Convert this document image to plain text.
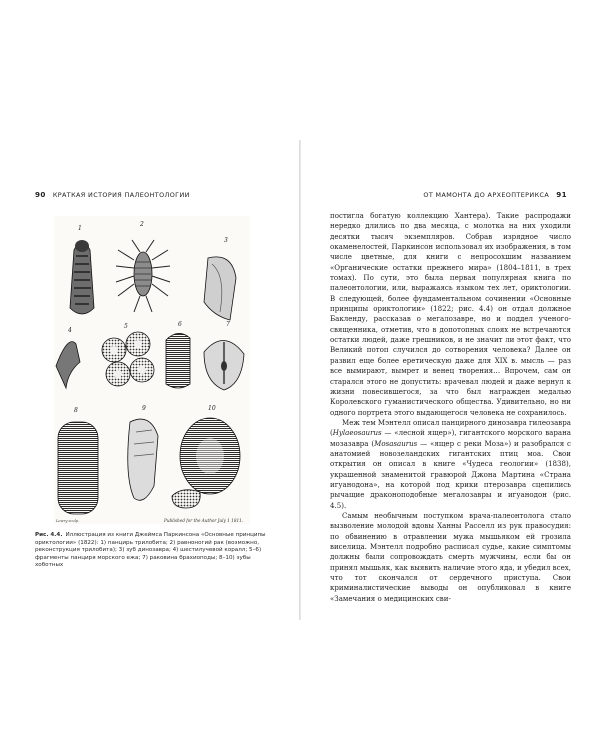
90 КРАТКАЯ ИСТОРИЯ ПАЛЕОНТОЛОГИИ
1
2
3
4
5	6	7
8	9	10
Lowry sculp.	Published for the Author July 1 1811.
Рис. 4.4. Иллюстрация из книги Джеймса Паркинсона «Основные принципы ориктологии» (1822): 1) панцирь трилобита; 2) равноногий рак (возможно, реконструкция трилобита); 3) зуб динозавра; 4) шестилучевой коралл; 5–6) фрагменты панциря морского ежа; 7) раковина брахиоподы; 8–10) зубы хоботных
ОТ МАМОНТА ДО АРХЕОПТЕРИКСА 91

постигла богатую коллекцию Хантера). Такие распродажи нередко длились по два месяца, с молотка на них уходили десятки тысяч экземпляров. Собрав изрядное число окаменелостей, Паркинсон использовал их изображения, в том числе цветные, для книги с непросохшим названием «Органические остатки прежнего мира» (1804–1811, в трех томах). По сути, это была первая популярная книга по палеонтологии, или, выражаясь языком тех лет, ориктологии. В следующей, более фундаментальном сочинении «Основные принципы ориктологии» (1822; рис. 4.4) он отдал должное Бакленду, рассказав о мегалозавре, но и поддел ученого-священника, отметив, что в допотопных слоях не встречаются остатки людей, даже грешников, и не значит ли этот факт, что Великий потоп случился до сотворения человека? Далее он развил еще более еретическую даже для XIX в. мысль — раз все вымирают, вымрет и венец творения… Впрочем, сам он старался этого не допустить: врачевал людей и даже вернул к жизни повесившегося, за что был награжден медалью Королевского гуманистического общества. Удивительно, но ни одного портрета этого выдающегося человека не сохранилось.

Меж тем Мэнтелл описал панцирного динозавра гилеозавра (Hylaeosaurus — «лесной ящер»), гигантского морского варана мозазавра (Mosasaurus — «ящер с реки Моза») и разобрался с анатомией новозеландских гигантских птиц моа. Свои открытия он описал в книге «Чудеса геологии» (1838), украшенной знаменитой гравюрой Джона Мартина «Страна игуанодона», на которой под крики птерозавра сцепились рычащие драконоподобные мегалозавры и игуанодон (рис. 4.5).

Самым необычным поступком врача-палеонтолога стало вызволение молодой вдовы Ханны Расселл из рук правосудия: по обвинению в отравлении мужа мышьяком ей грозила виселица. Мэнтелл подробно расписал судье, какие симптомы должны были сопровождать смерть мужчины, если бы он принял мышьяк, как выявить наличие этого яда, и убедил всех, что тот скончался от сердечного приступа. Свои криминалистические выводы он опубликовал в книге «Замечания о медицинских сви-
